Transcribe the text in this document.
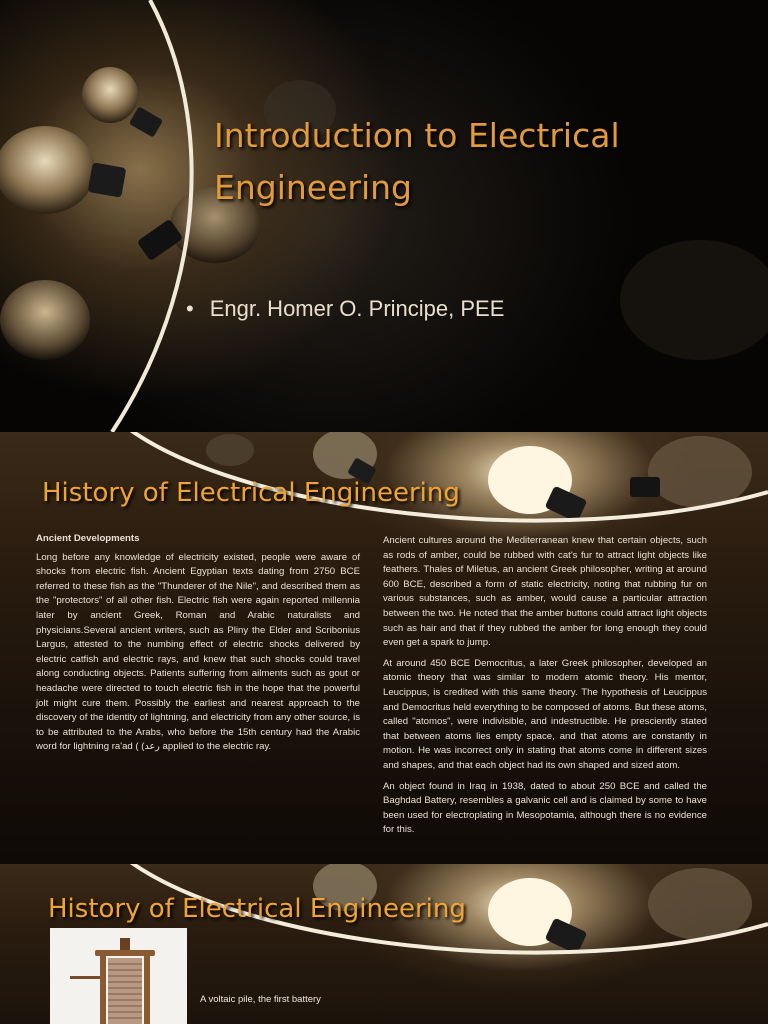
Introduction to Electrical Engineering
• Engr. Homer O. Principe, PEE
History of Electrical Engineering

Ancient Developments

Long before any knowledge of electricity existed, people were aware of shocks from electric fish. Ancient Egyptian texts dating from 2750 BCE referred to these fish as the "Thunderer of the Nile", and described them as the "protectors" of all other fish. Electric fish were again reported millennia later by ancient Greek, Roman and Arabic naturalists and physicians.Several ancient writers, such as Pliny the Elder and Scribonius Largus, attested to the numbing effect of electric shocks delivered by electric catfish and electric rays, and knew that such shocks could travel along conducting objects. Patients suffering from ailments such as gout or headache were directed to touch electric fish in the hope that the powerful jolt might cure them. Possibly the earliest and nearest approach to the discovery of the identity of lightning, and electricity from any other source, is to be attributed to the Arabs, who before the 15th century had the Arabic word for lightning ra'ad ( (رعد applied to the electric ray.

Ancient cultures around the Mediterranean knew that certain objects, such as rods of amber, could be rubbed with cat's fur to attract light objects like feathers. Thales of Miletus, an ancient Greek philosopher, writing at around 600 BCE, described a form of static electricity, noting that rubbing fur on various substances, such as amber, would cause a particular attraction between the two. He noted that the amber buttons could attract light objects such as hair and that if they rubbed the amber for long enough they could even get a spark to jump.

At around 450 BCE Democritus, a later Greek philosopher, developed an atomic theory that was similar to modern atomic theory. His mentor, Leucippus, is credited with this same theory. The hypothesis of Leucippus and Democritus held everything to be composed of atoms. But these atoms, called "atomos", were indivisible, and indestructible. He presciently stated that between atoms lies empty space, and that atoms are constantly in motion. He was incorrect only in stating that atoms come in different sizes and shapes, and that each object had its own shaped and sized atom.

An object found in Iraq in 1938, dated to about 250 BCE and called the Baghdad Battery, resembles a galvanic cell and is claimed by some to have been used for electroplating in Mesopotamia, although there is no evidence for this.

History of Electrical Engineering
A voltaic pile, the first battery
